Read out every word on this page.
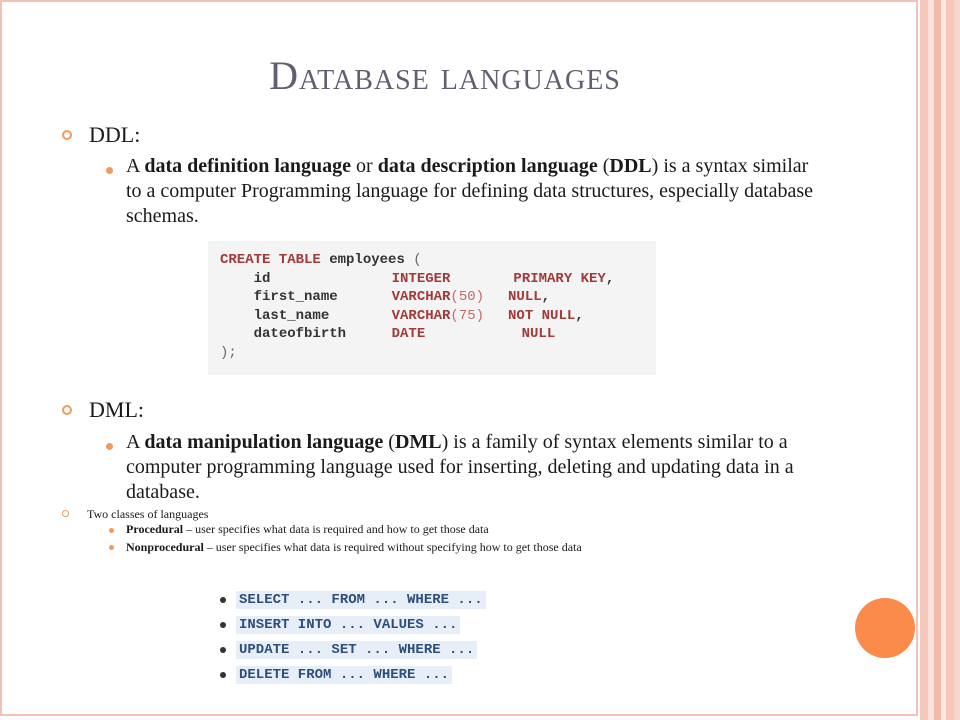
Database languages
DDL:
A data definition language or data description language (DDL) is a syntax similar to a computer Programming language for defining data structures, especially database schemas.
CREATE TABLE employees (
id	INTEGER	PRIMARY KEY,
first_name	VARCHAR(50) NULL,
last_name	VARCHAR(75) NOT NULL,
dateofbirth	DATE	NULL
);
DML:
A data manipulation language (DML) is a family of syntax elements similar to a computer programming language used for inserting, deleting and updating data in a database.
Two classes of languages
Procedural – user specifies what data is required and how to get those data
Nonprocedural – user specifies what data is required without specifying how to get those data
SELECT ... FROM ... WHERE ...
INSERT INTO ... VALUES ...
UPDATE ... SET ... WHERE ...
DELETE FROM ... WHERE ...
